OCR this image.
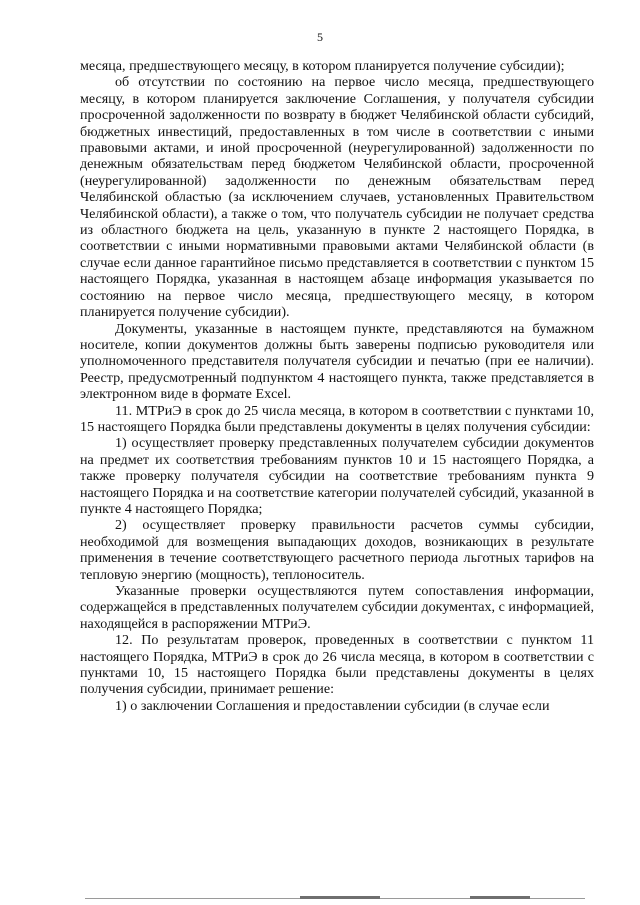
5

месяца, предшествующего месяцу, в котором планируется получение субсидии);

об отсутствии по состоянию на первое число месяца, предшествующего месяцу, в котором планируется заключение Соглашения, у получателя субсидии просроченной задолженности по возврату в бюджет Челябинской области субсидий, бюджетных инвестиций, предоставленных в том числе в соответствии с иными правовыми актами, и иной просроченной (неурегулированной) задолженности по денежным обязательствам перед бюджетом Челябинской области, просроченной (неурегулированной) задолженности по денежным обязательствам перед Челябинской областью (за исключением случаев, установленных Правительством Челябинской области), а также о том, что получатель субсидии не получает средства из областного бюджета на цель, указанную в пункте 2 настоящего Порядка, в соответствии с иными нормативными правовыми актами Челябинской области (в случае если данное гарантийное письмо представляется в соответствии с пунктом 15 настоящего Порядка, указанная в настоящем абзаце информация указывается по состоянию на первое число месяца, предшествующего месяцу, в котором планируется получение субсидии).

Документы, указанные в настоящем пункте, представляются на бумажном носителе, копии документов должны быть заверены подписью руководителя или уполномоченного представителя получателя субсидии и печатью (при ее наличии). Реестр, предусмотренный подпунктом 4 настоящего пункта, также представляется в электронном виде в формате Excel.

11. МТРиЭ в срок до 25 числа месяца, в котором в соответствии с пунктами 10, 15 настоящего Порядка были представлены документы в целях получения субсидии:

1) осуществляет проверку представленных получателем субсидии документов на предмет их соответствия требованиям пунктов 10 и 15 настоящего Порядка, а также проверку получателя субсидии на соответствие требованиям пункта 9 настоящего Порядка и на соответствие категории получателей субсидий, указанной в пункте 4 настоящего Порядка;

2) осуществляет проверку правильности расчетов суммы субсидии, необходимой для возмещения выпадающих доходов, возникающих в результате применения в течение соответствующего расчетного периода льготных тарифов на тепловую энергию (мощность), теплоноситель.

Указанные проверки осуществляются путем сопоставления информации, содержащейся в представленных получателем субсидии документах, с информацией, находящейся в распоряжении МТРиЭ.

12. По результатам проверок, проведенных в соответствии с пунктом 11 настоящего Порядка, МТРиЭ в срок до 26 числа месяца, в котором в соответствии с пунктами 10, 15 настоящего Порядка были представлены документы в целях получения субсидии, принимает решение:

1) о заключении Соглашения и предоставлении субсидии (в случае если
